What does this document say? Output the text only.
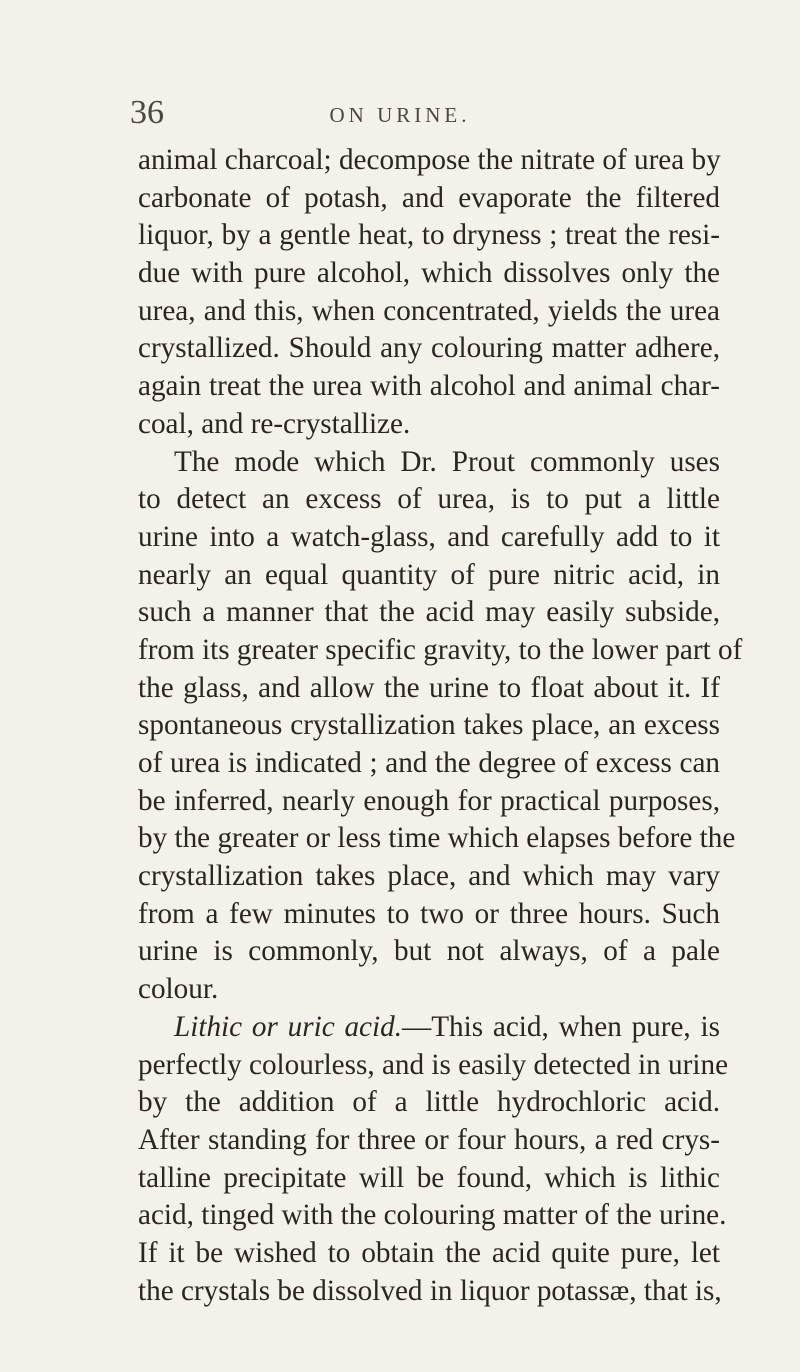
36	ON URINE.
animal charcoal; decompose the nitrate of urea by
carbonate of potash, and evaporate the filtered
liquor, by a gentle heat, to dryness ; treat the resi-
due with pure alcohol, which dissolves only the
urea, and this, when concentrated, yields the urea
crystallized. Should any colouring matter adhere,
again treat the urea with alcohol and animal char-
coal, and re-crystallize.
The mode which Dr. Prout commonly uses
to detect an excess of urea, is to put a little
urine into a watch-glass, and carefully add to it
nearly an equal quantity of pure nitric acid, in
such a manner that the acid may easily subside,
from its greater specific gravity, to the lower part of
the glass, and allow the urine to float about it. If
spontaneous crystallization takes place, an excess
of urea is indicated ; and the degree of excess can
be inferred, nearly enough for practical purposes,
by the greater or less time which elapses before the
crystallization takes place, and which may vary
from a few minutes to two or three hours. Such
urine is commonly, but not always, of a pale
colour.
Lithic or uric acid.—This acid, when pure, is
perfectly colourless, and is easily detected in urine
by the addition of a little hydrochloric acid.
After standing for three or four hours, a red crys-
talline precipitate will be found, which is lithic
acid, tinged with the colouring matter of the urine.
If it be wished to obtain the acid quite pure, let
the crystals be dissolved in liquor potassæ, that is,
